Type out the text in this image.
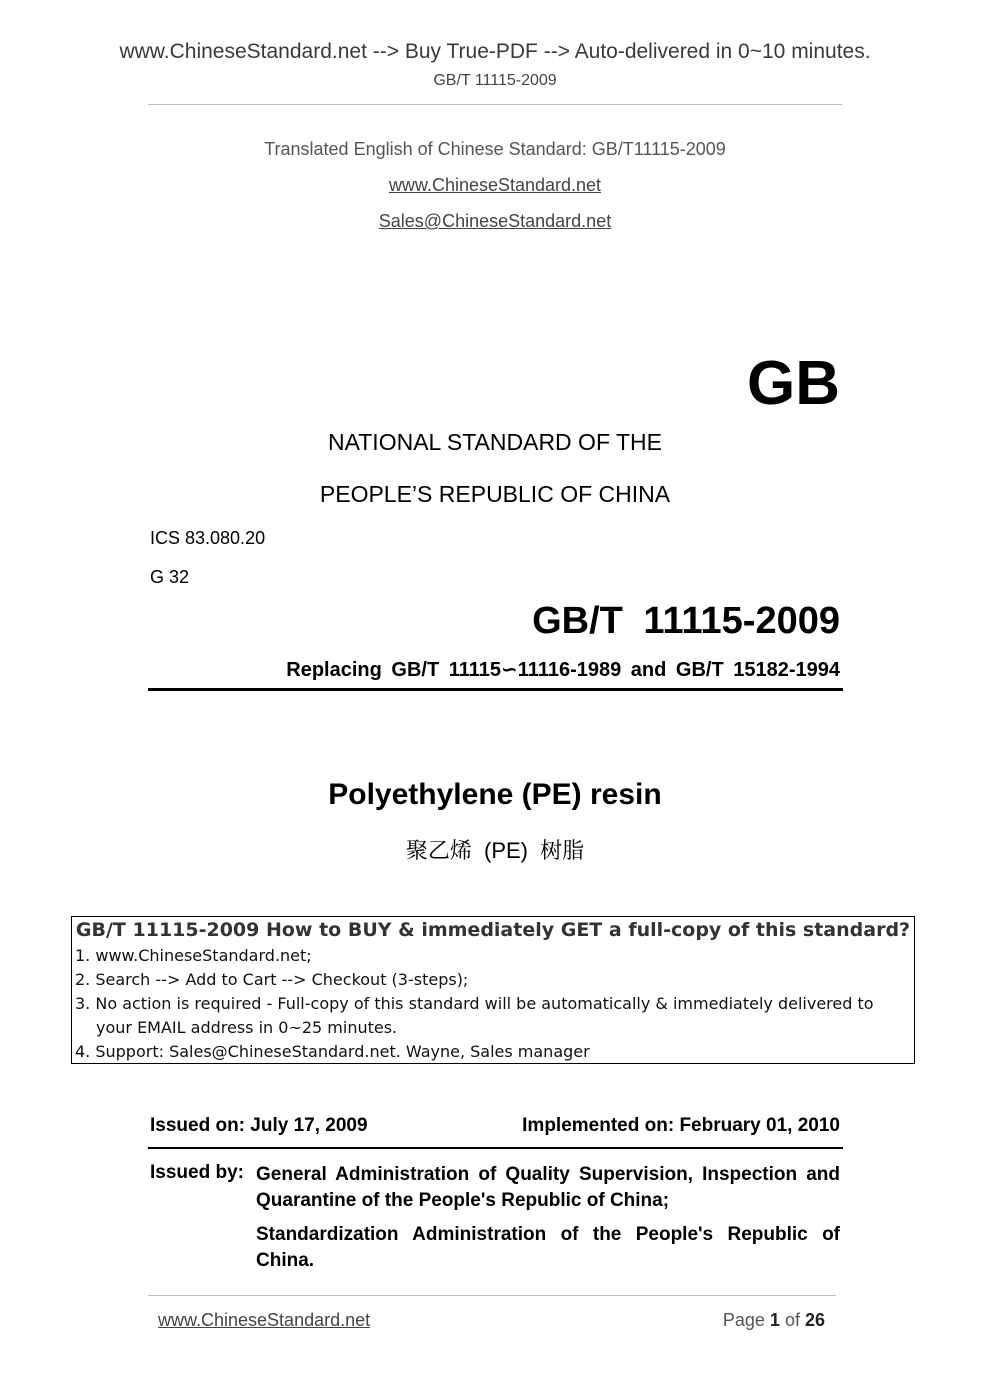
www.ChineseStandard.net --> Buy True-PDF --> Auto-delivered in 0~10 minutes.
GB/T 11115-2009
Translated English of Chinese Standard: GB/T11115-2009
www.ChineseStandard.net
Sales@ChineseStandard.net
GB
NATIONAL STANDARD OF THE
PEOPLE’S REPUBLIC OF CHINA
ICS 83.080.20
G 32
GB/T 11115-2009
Replacing GB/T 11115∽11116-1989 and GB/T 15182-1994
Polyethylene (PE) resin
聚乙烯 (PE) 树脂
GB/T 11115-2009 How to BUY & immediately GET a full-copy of this standard?
1. www.ChineseStandard.net;
2. Search --> Add to Cart --> Checkout (3-steps);
3. No action is required - Full-copy of this standard will be automatically & immediately delivered to
your EMAIL address in 0~25 minutes.
4. Support: Sales@ChineseStandard.net. Wayne, Sales manager
Issued on: July 17, 2009	Implemented on: February 01, 2010
Issued by: General Administration of Quality Supervision, Inspection and
Quarantine of the People's Republic of China;
Standardization Administration of the People's Republic of China.
www.ChineseStandard.net	Page 1 of 26
